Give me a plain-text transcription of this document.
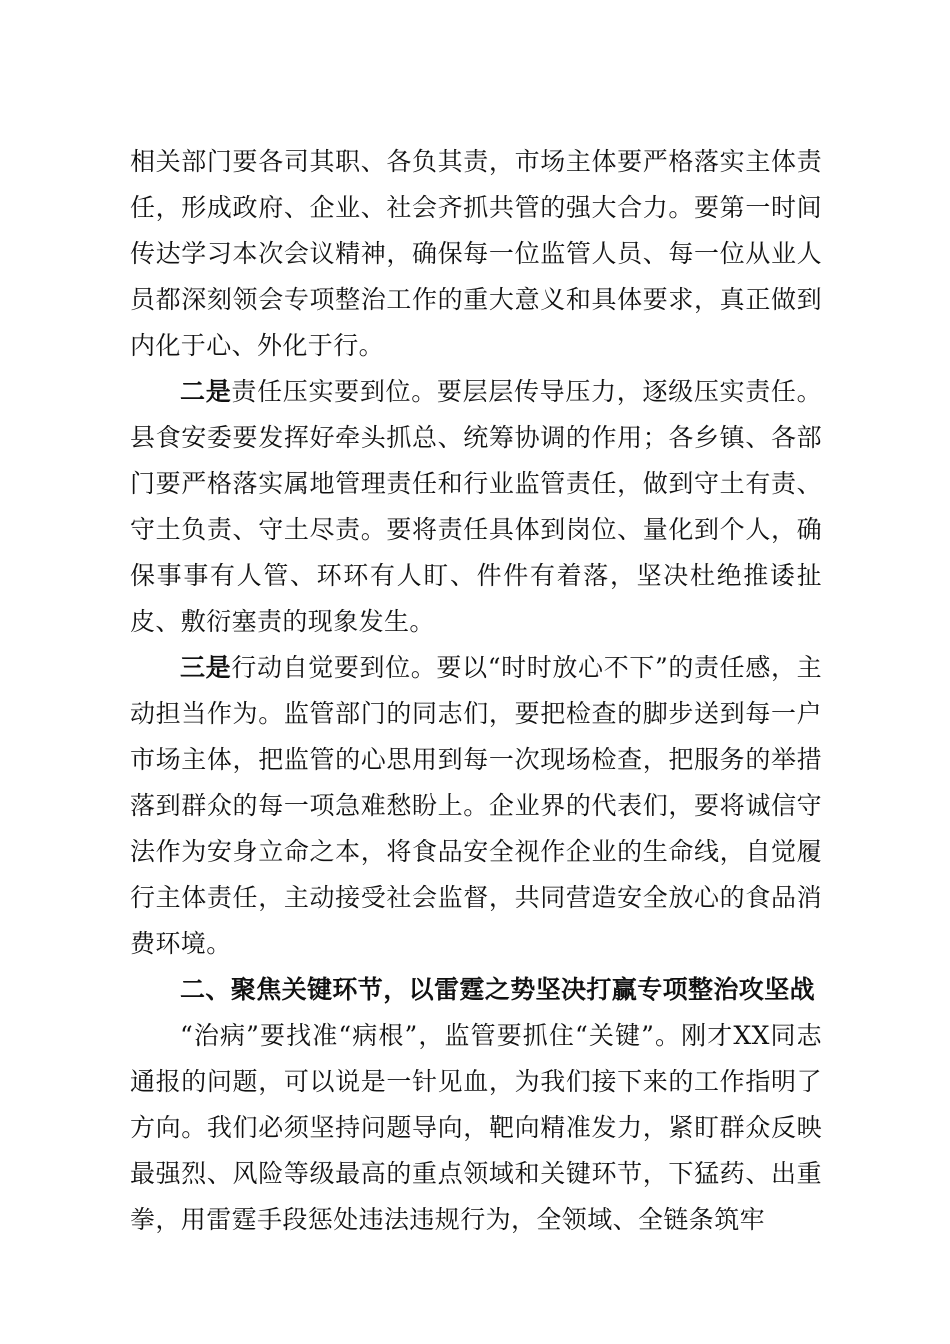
相关部门要各司其职、各负其责，市场主体要严格落实主体责任，形成政府、企业、社会齐抓共管的强大合力。要第一时间传达学习本次会议精神，确保每一位监管人员、每一位从业人员都深刻领会专项整治工作的重大意义和具体要求，真正做到内化于心、外化于行。

二是责任压实要到位。要层层传导压力，逐级压实责任。县食安委要发挥好牵头抓总、统筹协调的作用；各乡镇、各部门要严格落实属地管理责任和行业监管责任，做到守土有责、守土负责、守土尽责。要将责任具体到岗位、量化到个人，确保事事有人管、环环有人盯、件件有着落，坚决杜绝推诿扯皮、敷衍塞责的现象发生。

三是行动自觉要到位。要以“时时放心不下”的责任感，主动担当作为。监管部门的同志们，要把检查的脚步送到每一户市场主体，把监管的心思用到每一次现场检查，把服务的举措落到群众的每一项急难愁盼上。企业界的代表们，要将诚信守法作为安身立命之本，将食品安全视作企业的生命线，自觉履行主体责任，主动接受社会监督，共同营造安全放心的食品消费环境。

二、聚焦关键环节，以雷霆之势坚决打赢专项整治攻坚战

“治病”要找准“病根”，监管要抓住“关键”。刚才XX同志通报的问题，可以说是一针见血，为我们接下来的工作指明了方向。我们必须坚持问题导向，靶向精准发力，紧盯群众反映最强烈、风险等级最高的重点领域和关键环节，下猛药、出重拳，用雷霆手段惩处违法违规行为，全领域、全链条筑牢
